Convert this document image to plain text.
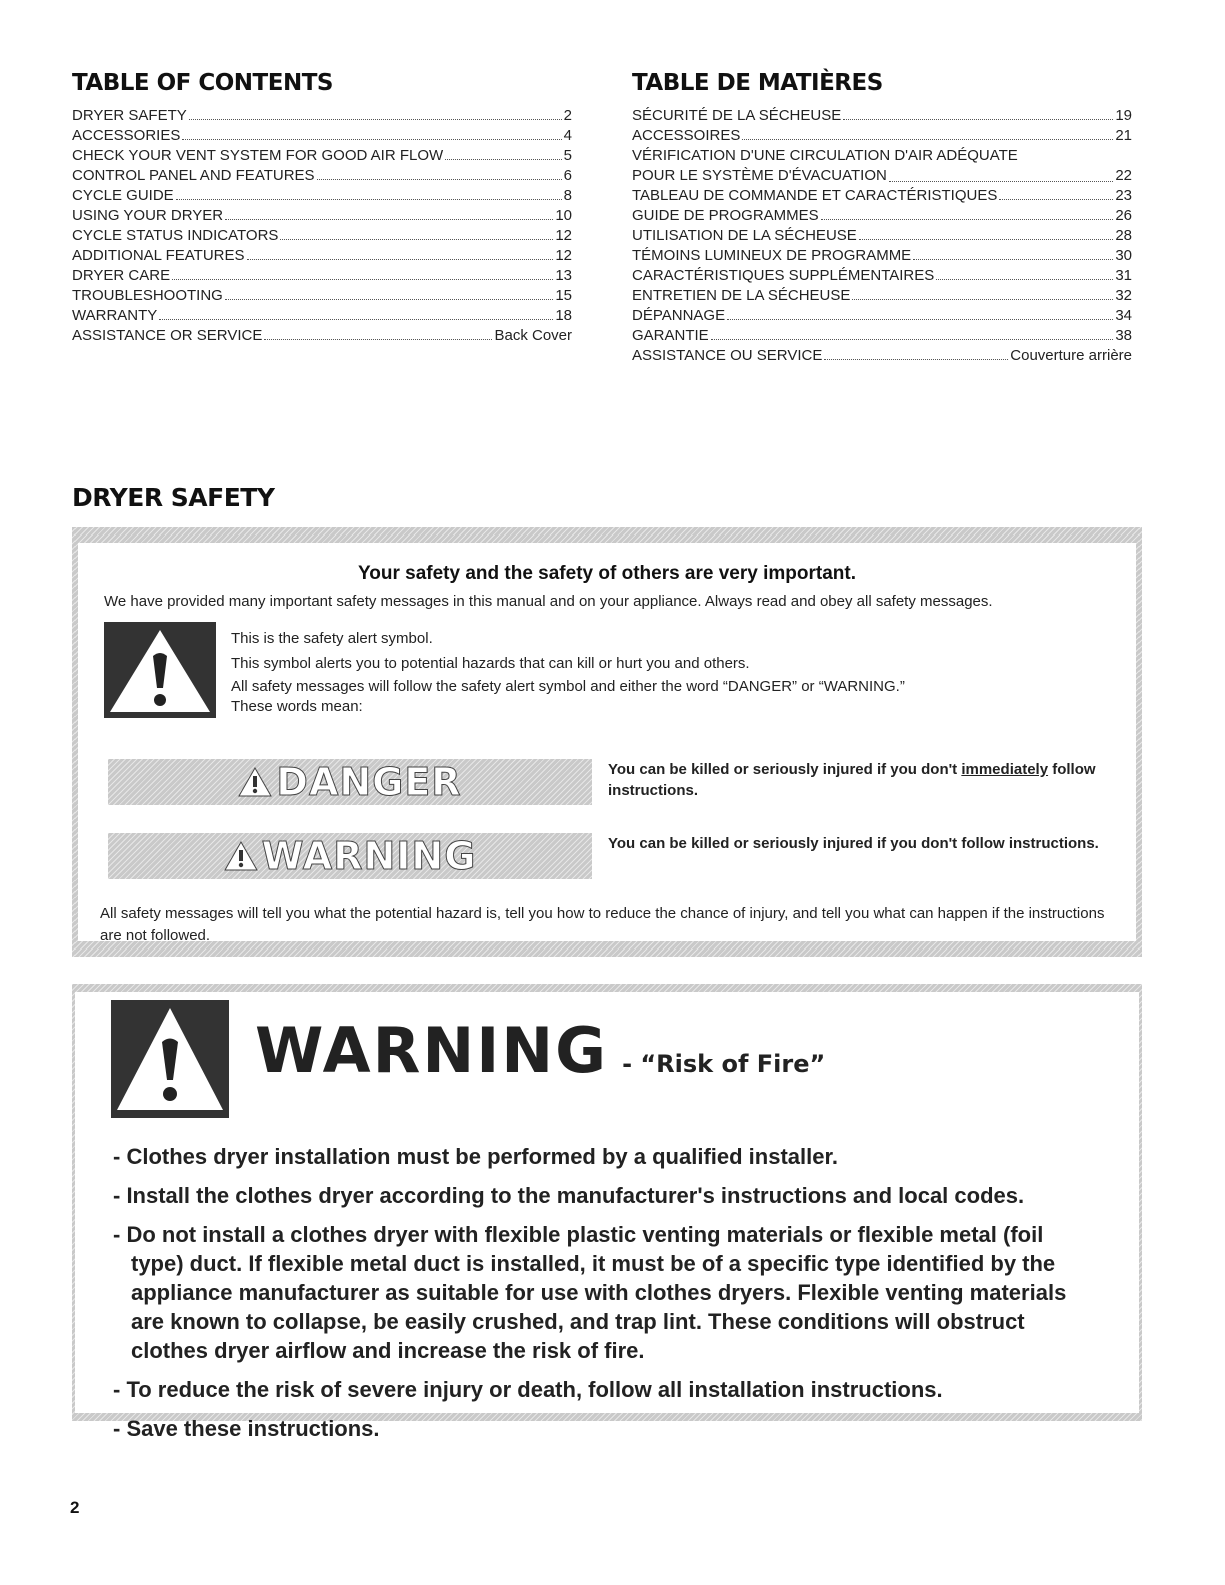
TABLE OF CONTENTS
DRYER SAFETY	2
ACCESSORIES	4
CHECK YOUR VENT SYSTEM FOR GOOD AIR FLOW	5
CONTROL PANEL AND FEATURES	6
CYCLE GUIDE	8
USING YOUR DRYER	10
CYCLE STATUS INDICATORS	12
ADDITIONAL FEATURES	12
DRYER CARE	13
TROUBLESHOOTING	15
WARRANTY	18
ASSISTANCE OR SERVICE	Back Cover
TABLE DE MATIÈRES
SÉCURITÉ DE LA SÉCHEUSE	19
ACCESSOIRES	21
VÉRIFICATION D'UNE CIRCULATION D'AIR ADÉQUATE
POUR LE SYSTÈME D'ÉVACUATION	22
TABLEAU DE COMMANDE ET CARACTÉRISTIQUES	23
GUIDE DE PROGRAMMES	26
UTILISATION DE LA SÉCHEUSE	28
TÉMOINS LUMINEUX DE PROGRAMME	30
CARACTÉRISTIQUES SUPPLÉMENTAIRES	31
ENTRETIEN DE LA SÉCHEUSE	32
DÉPANNAGE	34
GARANTIE	38
ASSISTANCE OU SERVICE	Couverture arrière
DRYER SAFETY
Your safety and the safety of others are very important.

We have provided many important safety messages in this manual and on your appliance. Always read and obey all safety messages.

This is the safety alert symbol.

This symbol alerts you to potential hazards that can kill or hurt you and others.

All safety messages will follow the safety alert symbol and either the word “DANGER” or “WARNING.”

These words mean:

DANGER	You can be killed or seriously injured if you don't immediately follow instructions.
WARNING	You can be killed or seriously injured if you don't follow instructions.
All safety messages will tell you what the potential hazard is, tell you how to reduce the chance of injury, and tell you what can happen if the instructions are not followed.
WARNING - “Risk of Fire”
- Clothes dryer installation must be performed by a qualified installer.
- Install the clothes dryer according to the manufacturer's instructions and local codes.
- Do not install a clothes dryer with flexible plastic venting materials or flexible metal (foil type) duct. If flexible metal duct is installed, it must be of a specific type identified by the appliance manufacturer as suitable for use with clothes dryers. Flexible venting materials are known to collapse, be easily crushed, and trap lint. These conditions will obstruct clothes dryer airflow and increase the risk of fire.
- To reduce the risk of severe injury or death, follow all installation instructions.
- Save these instructions.
2
